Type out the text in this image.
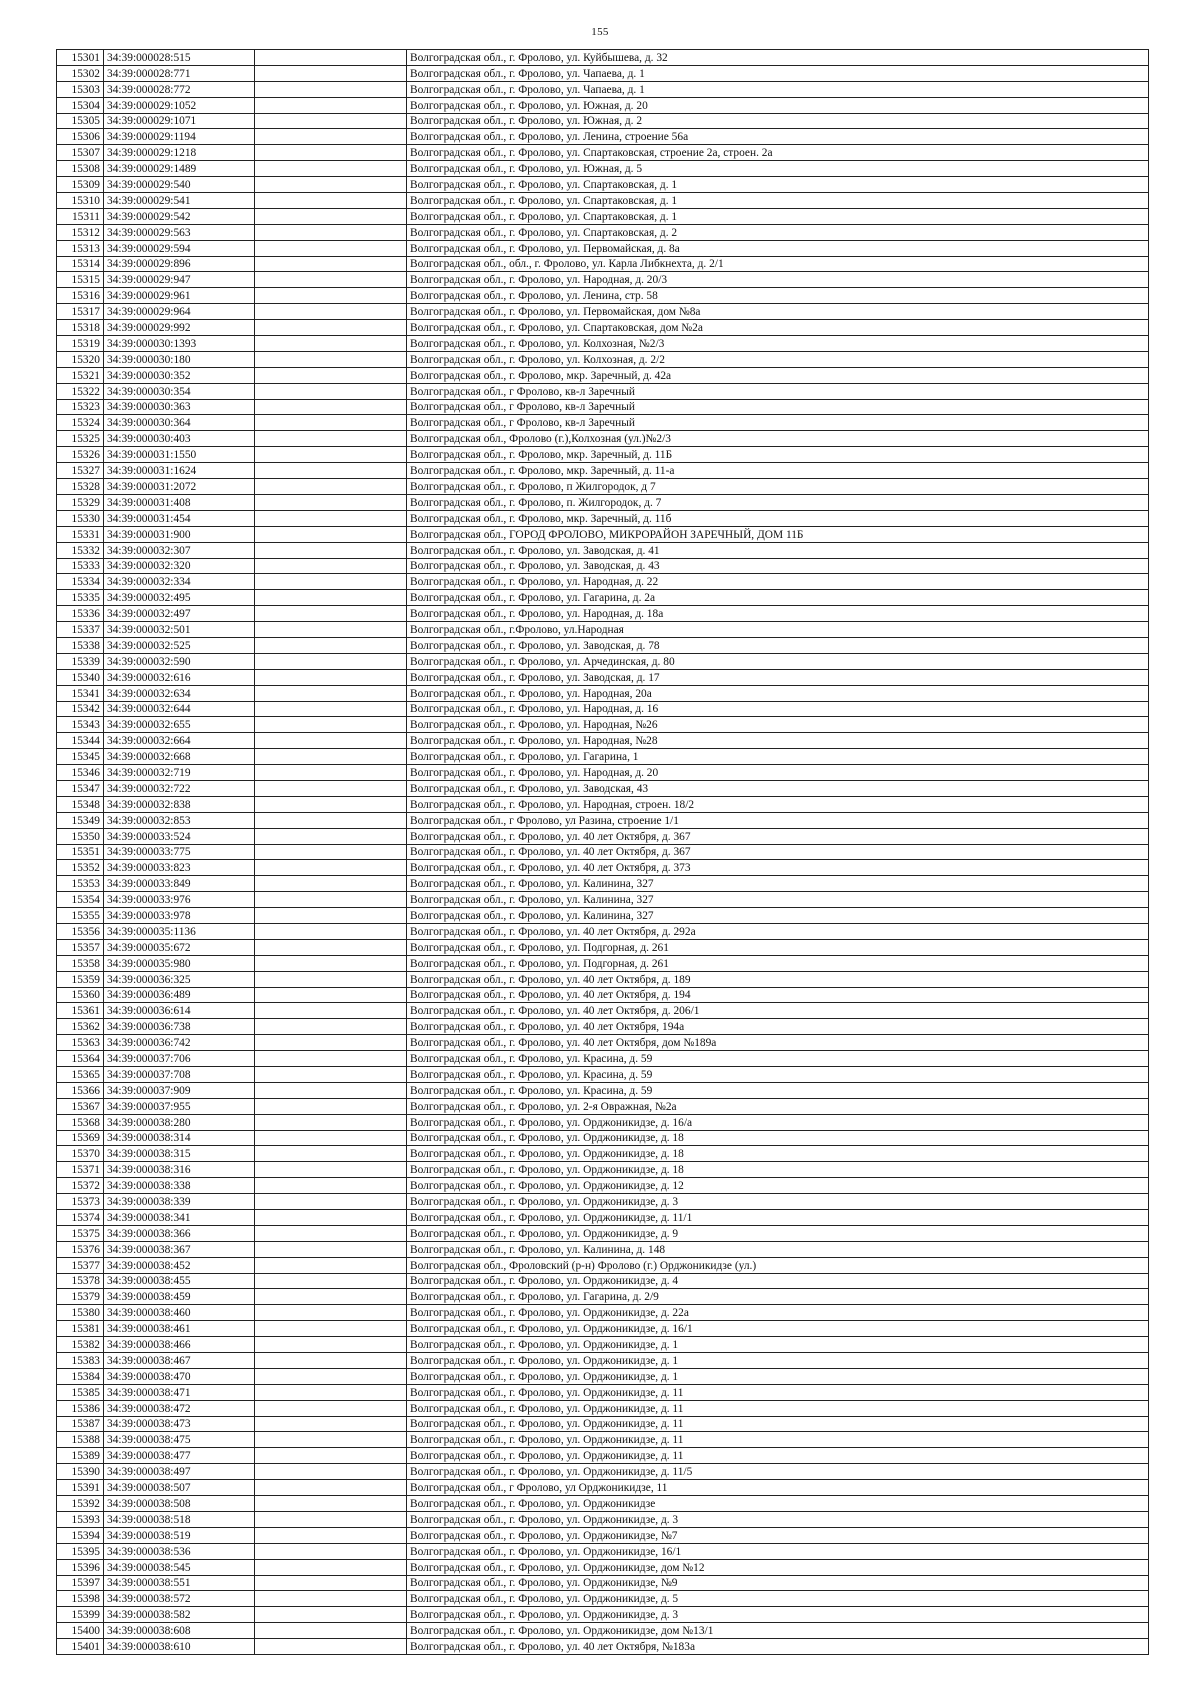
155
15301	34:39:000028:515		Волгоградская обл., г. Фролово, ул. Куйбышева, д. 32
15302	34:39:000028:771		Волгоградская обл., г. Фролово, ул. Чапаева, д. 1
15303	34:39:000028:772		Волгоградская обл., г. Фролово, ул. Чапаева, д. 1
15304	34:39:000029:1052		Волгоградская обл., г. Фролово, ул. Южная, д. 20
15305	34:39:000029:1071		Волгоградская обл., г. Фролово, ул. Южная, д. 2
15306	34:39:000029:1194		Волгоградская обл., г. Фролово, ул. Ленина, строение 56а
15307	34:39:000029:1218		Волгоградская обл., г. Фролово, ул. Спартаковская, строение 2а, строен. 2а
15308	34:39:000029:1489		Волгоградская обл., г. Фролово, ул. Южная, д. 5
15309	34:39:000029:540		Волгоградская обл., г. Фролово, ул. Спартаковская, д. 1
15310	34:39:000029:541		Волгоградская обл., г. Фролово, ул. Спартаковская, д. 1
15311	34:39:000029:542		Волгоградская обл., г. Фролово, ул. Спартаковская, д. 1
15312	34:39:000029:563		Волгоградская обл., г. Фролово, ул. Спартаковская, д. 2
15313	34:39:000029:594		Волгоградская обл., г. Фролово, ул. Первомайская, д. 8а
15314	34:39:000029:896		Волгоградская обл., обл., г. Фролово, ул. Карла Либкнехта, д. 2/1
15315	34:39:000029:947		Волгоградская обл., г. Фролово, ул. Народная, д. 20/3
15316	34:39:000029:961		Волгоградская обл., г. Фролово, ул. Ленина, стр. 58
15317	34:39:000029:964		Волгоградская обл., г. Фролово, ул. Первомайская, дом №8а
15318	34:39:000029:992		Волгоградская обл., г. Фролово, ул. Спартаковская, дом №2а
15319	34:39:000030:1393		Волгоградская обл., г. Фролово, ул. Колхозная, №2/3
15320	34:39:000030:180		Волгоградская обл., г. Фролово, ул. Колхозная, д. 2/2
15321	34:39:000030:352		Волгоградская обл., г. Фролово, мкр. Заречный, д. 42а
15322	34:39:000030:354		Волгоградская обл., г Фролово, кв-л Заречный
15323	34:39:000030:363		Волгоградская обл., г Фролово, кв-л Заречный
15324	34:39:000030:364		Волгоградская обл., г Фролово, кв-л Заречный
15325	34:39:000030:403		Волгоградская обл., Фролово (г.),Колхозная (ул.)№2/3
15326	34:39:000031:1550		Волгоградская обл., г. Фролово, мкр. Заречный, д. 11Б
15327	34:39:000031:1624		Волгоградская обл., г. Фролово, мкр. Заречный, д. 11-а
15328	34:39:000031:2072		Волгоградская обл., г. Фролово, п Жилгородок, д 7
15329	34:39:000031:408		Волгоградская обл., г. Фролово, п. Жилгородок, д. 7
15330	34:39:000031:454		Волгоградская обл., г. Фролово, мкр. Заречный, д. 11б
15331	34:39:000031:900		Волгоградская обл., ГОРОД ФРОЛОВО, МИКРОРАЙОН ЗАРЕЧНЫЙ, ДОМ 11Б
15332	34:39:000032:307		Волгоградская обл., г. Фролово, ул. Заводская, д. 41
15333	34:39:000032:320		Волгоградская обл., г. Фролово, ул. Заводская, д. 43
15334	34:39:000032:334		Волгоградская обл., г. Фролово, ул. Народная, д. 22
15335	34:39:000032:495		Волгоградская обл., г. Фролово, ул. Гагарина, д. 2а
15336	34:39:000032:497		Волгоградская обл., г. Фролово, ул. Народная, д. 18а
15337	34:39:000032:501		Волгоградская обл., г.Фролово, ул.Народная
15338	34:39:000032:525		Волгоградская обл., г. Фролово, ул. Заводская, д. 78
15339	34:39:000032:590		Волгоградская обл., г. Фролово, ул. Арчединская, д. 80
15340	34:39:000032:616		Волгоградская обл., г. Фролово, ул. Заводская, д. 17
15341	34:39:000032:634		Волгоградская обл., г. Фролово, ул. Народная, 20а
15342	34:39:000032:644		Волгоградская обл., г. Фролово, ул. Народная, д. 16
15343	34:39:000032:655		Волгоградская обл., г. Фролово, ул. Народная, №26
15344	34:39:000032:664		Волгоградская обл., г. Фролово, ул. Народная, №28
15345	34:39:000032:668		Волгоградская обл., г. Фролово, ул. Гагарина, 1
15346	34:39:000032:719		Волгоградская обл., г. Фролово, ул. Народная, д. 20
15347	34:39:000032:722		Волгоградская обл., г. Фролово, ул. Заводская, 43
15348	34:39:000032:838		Волгоградская обл., г. Фролово, ул. Народная, строен. 18/2
15349	34:39:000032:853		Волгоградская обл., г Фролово, ул Разина, строение 1/1
15350	34:39:000033:524		Волгоградская обл., г. Фролово, ул. 40 лет Октября, д. 367
15351	34:39:000033:775		Волгоградская обл., г. Фролово, ул. 40 лет Октября, д. 367
15352	34:39:000033:823		Волгоградская обл., г. Фролово, ул. 40 лет Октября, д. 373
15353	34:39:000033:849		Волгоградская обл., г. Фролово, ул. Калинина, 327
15354	34:39:000033:976		Волгоградская обл., г. Фролово, ул. Калинина, 327
15355	34:39:000033:978		Волгоградская обл., г. Фролово, ул. Калинина, 327
15356	34:39:000035:1136		Волгоградская обл., г. Фролово, ул. 40 лет Октября, д. 292а
15357	34:39:000035:672		Волгоградская обл., г. Фролово, ул. Подгорная, д. 261
15358	34:39:000035:980		Волгоградская обл., г. Фролово, ул. Подгорная, д. 261
15359	34:39:000036:325		Волгоградская обл., г. Фролово, ул. 40 лет Октября, д. 189
15360	34:39:000036:489		Волгоградская обл., г. Фролово, ул. 40 лет Октября, д. 194
15361	34:39:000036:614		Волгоградская обл., г. Фролово, ул. 40 лет Октября, д. 206/1
15362	34:39:000036:738		Волгоградская обл., г. Фролово, ул. 40 лет Октября, 194а
15363	34:39:000036:742		Волгоградская обл., г. Фролово, ул. 40 лет Октября, дом №189а
15364	34:39:000037:706		Волгоградская обл., г. Фролово, ул. Красина, д. 59
15365	34:39:000037:708		Волгоградская обл., г. Фролово, ул. Красина, д. 59
15366	34:39:000037:909		Волгоградская обл., г. Фролово, ул. Красина, д. 59
15367	34:39:000037:955		Волгоградская обл., г. Фролово, ул. 2-я Овражная, №2а
15368	34:39:000038:280		Волгоградская обл., г. Фролово, ул. Орджоникидзе, д. 16/а
15369	34:39:000038:314		Волгоградская обл., г. Фролово, ул. Орджоникидзе, д. 18
15370	34:39:000038:315		Волгоградская обл., г. Фролово, ул. Орджоникидзе, д. 18
15371	34:39:000038:316		Волгоградская обл., г. Фролово, ул. Орджоникидзе, д. 18
15372	34:39:000038:338		Волгоградская обл., г. Фролово, ул. Орджоникидзе, д. 12
15373	34:39:000038:339		Волгоградская обл., г. Фролово, ул. Орджоникидзе, д. 3
15374	34:39:000038:341		Волгоградская обл., г. Фролово, ул. Орджоникидзе, д. 11/1
15375	34:39:000038:366		Волгоградская обл., г. Фролово, ул. Орджоникидзе, д. 9
15376	34:39:000038:367		Волгоградская обл., г. Фролово, ул. Калинина, д. 148
15377	34:39:000038:452		Волгоградская обл., Фроловский (р-н) Фролово (г.) Орджоникидзе (ул.)
15378	34:39:000038:455		Волгоградская обл., г. Фролово, ул. Орджоникидзе, д. 4
15379	34:39:000038:459		Волгоградская обл., г. Фролово, ул. Гагарина, д. 2/9
15380	34:39:000038:460		Волгоградская обл., г. Фролово, ул. Орджоникидзе, д. 22а
15381	34:39:000038:461		Волгоградская обл., г. Фролово, ул. Орджоникидзе, д. 16/1
15382	34:39:000038:466		Волгоградская обл., г. Фролово, ул. Орджоникидзе, д. 1
15383	34:39:000038:467		Волгоградская обл., г. Фролово, ул. Орджоникидзе, д. 1
15384	34:39:000038:470		Волгоградская обл., г. Фролово, ул. Орджоникидзе, д. 1
15385	34:39:000038:471		Волгоградская обл., г. Фролово, ул. Орджоникидзе, д. 11
15386	34:39:000038:472		Волгоградская обл., г. Фролово, ул. Орджоникидзе, д. 11
15387	34:39:000038:473		Волгоградская обл., г. Фролово, ул. Орджоникидзе, д. 11
15388	34:39:000038:475		Волгоградская обл., г. Фролово, ул. Орджоникидзе, д. 11
15389	34:39:000038:477		Волгоградская обл., г. Фролово, ул. Орджоникидзе, д. 11
15390	34:39:000038:497		Волгоградская обл., г. Фролово, ул. Орджоникидзе, д. 11/5
15391	34:39:000038:507		Волгоградская обл., г Фролово, ул Орджоникидзе, 11
15392	34:39:000038:508		Волгоградская обл., г. Фролово, ул. Орджоникидзе
15393	34:39:000038:518		Волгоградская обл., г. Фролово, ул. Орджоникидзе, д. 3
15394	34:39:000038:519		Волгоградская обл., г. Фролово, ул. Орджоникидзе, №7
15395	34:39:000038:536		Волгоградская обл., г. Фролово, ул. Орджоникидзе, 16/1
15396	34:39:000038:545		Волгоградская обл., г. Фролово, ул. Орджоникидзе, дом №12
15397	34:39:000038:551		Волгоградская обл., г. Фролово, ул. Орджоникидзе, №9
15398	34:39:000038:572		Волгоградская обл., г. Фролово, ул. Орджоникидзе, д. 5
15399	34:39:000038:582		Волгоградская обл., г. Фролово, ул. Орджоникидзе, д. 3
15400	34:39:000038:608		Волгоградская обл., г. Фролово, ул. Орджоникидзе, дом №13/1
15401	34:39:000038:610		Волгоградская обл., г. Фролово, ул. 40 лет Октября, №183а
